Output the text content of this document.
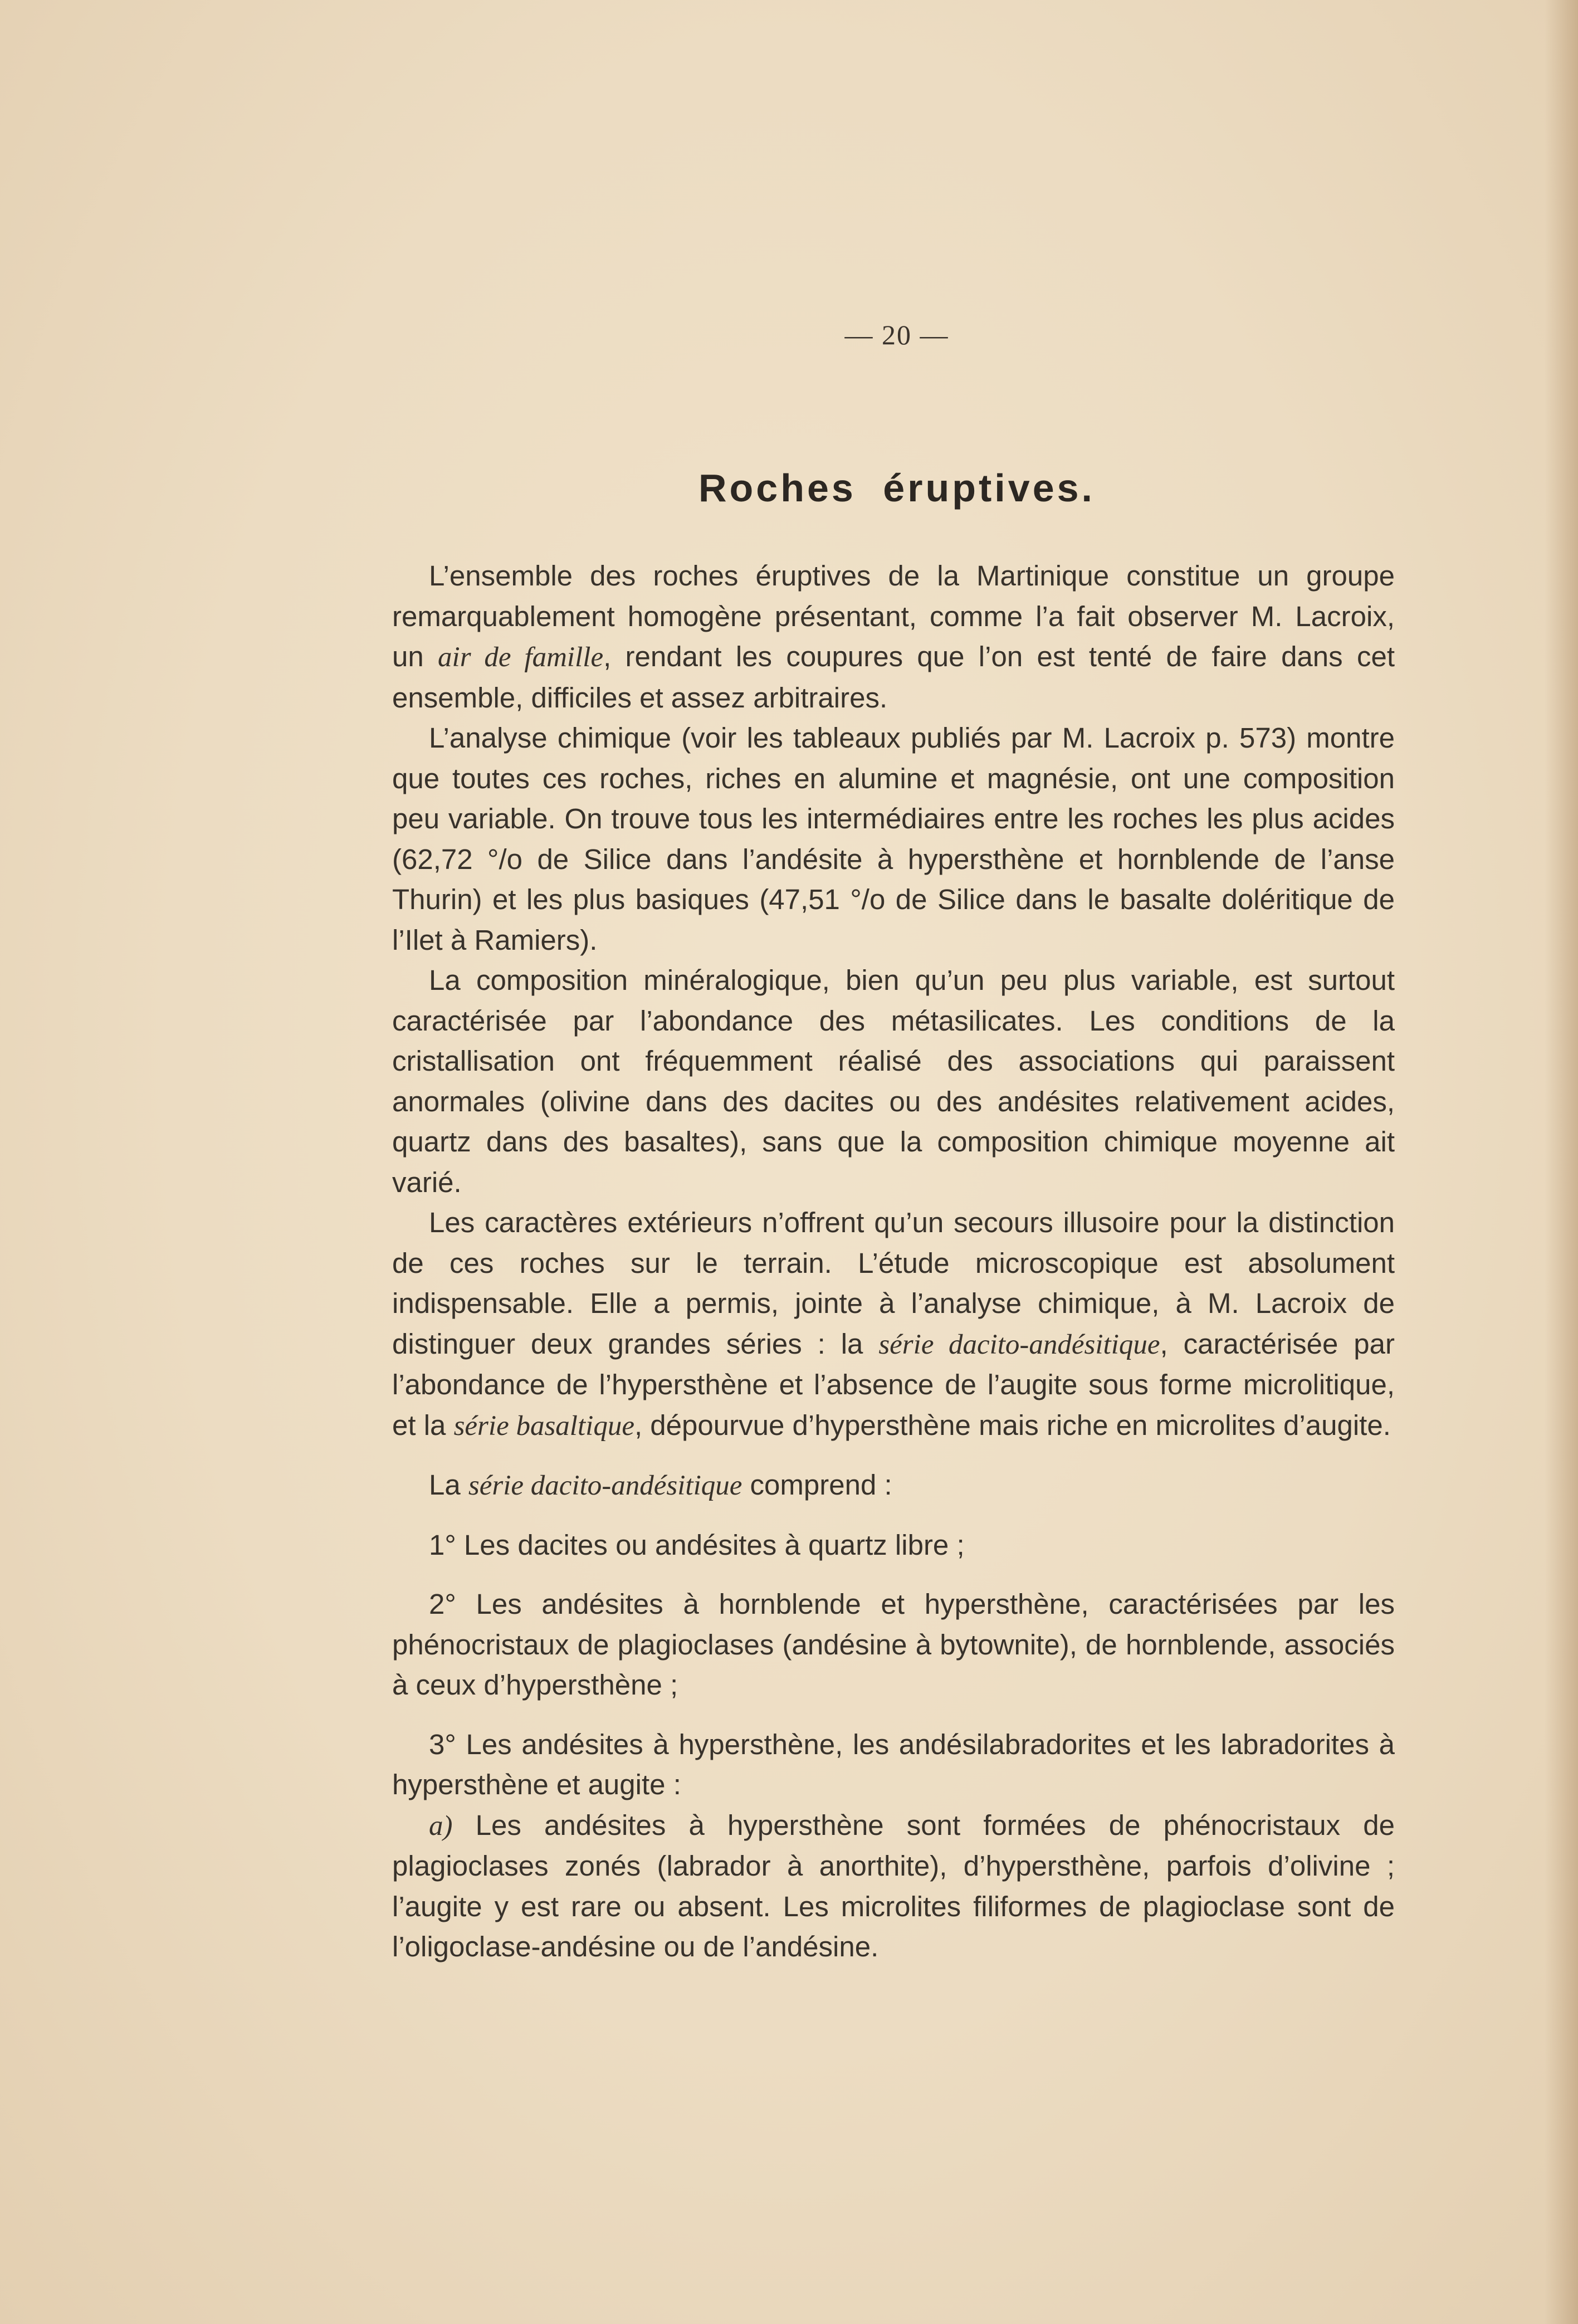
— 20 —
Roches éruptives.

L’ensemble des roches éruptives de la Martinique constitue un groupe remarquablement homogène présentant, comme l’a fait observer M. Lacroix, un air de famille, rendant les coupures que l’on est tenté de faire dans cet ensemble, difficiles et assez arbitraires.

L’analyse chimique (voir les tableaux publiés par M. Lacroix p. 573) montre que toutes ces roches, riches en alumine et magnésie, ont une composition peu variable. On trouve tous les intermédiaires entre les roches les plus acides (62,72 °/o de Silice dans l’andésite à hypersthène et hornblende de l’anse Thurin) et les plus basiques (47,51 °/o de Silice dans le basalte doléritique de l’Ilet à Ramiers).

La composition minéralogique, bien qu’un peu plus variable, est surtout caractérisée par l’abondance des métasilicates. Les conditions de la cristallisation ont fréquemment réalisé des associations qui paraissent anormales (olivine dans des dacites ou des andésites relativement acides, quartz dans des basaltes), sans que la composition chimique moyenne ait varié.

Les caractères extérieurs n’offrent qu’un secours illusoire pour la distinction de ces roches sur le terrain. L’étude microscopique est absolument indispensable. Elle a permis, jointe à l’analyse chimique, à M. Lacroix de distinguer deux grandes séries : la série dacito-andésitique, caractérisée par l’abondance de l’hypersthène et l’absence de l’augite sous forme microlitique, et la série basaltique, dépourvue d’hypersthène mais riche en microlites d’augite.

La série dacito-andésitique comprend :

1° Les dacites ou andésites à quartz libre ;

2° Les andésites à hornblende et hypersthène, caractérisées par les phénocristaux de plagioclases (andésine à bytownite), de hornblende, associés à ceux d’hypersthène ;

3° Les andésites à hypersthène, les andésilabradorites et les labradorites à hypersthène et augite :

a) Les andésites à hypersthène sont formées de phénocristaux de plagioclases zonés (labrador à anorthite), d’hypersthène, parfois d’olivine ; l’augite y est rare ou absent. Les microlites filiformes de plagioclase sont de l’oligoclase-andésine ou de l’andésine.
